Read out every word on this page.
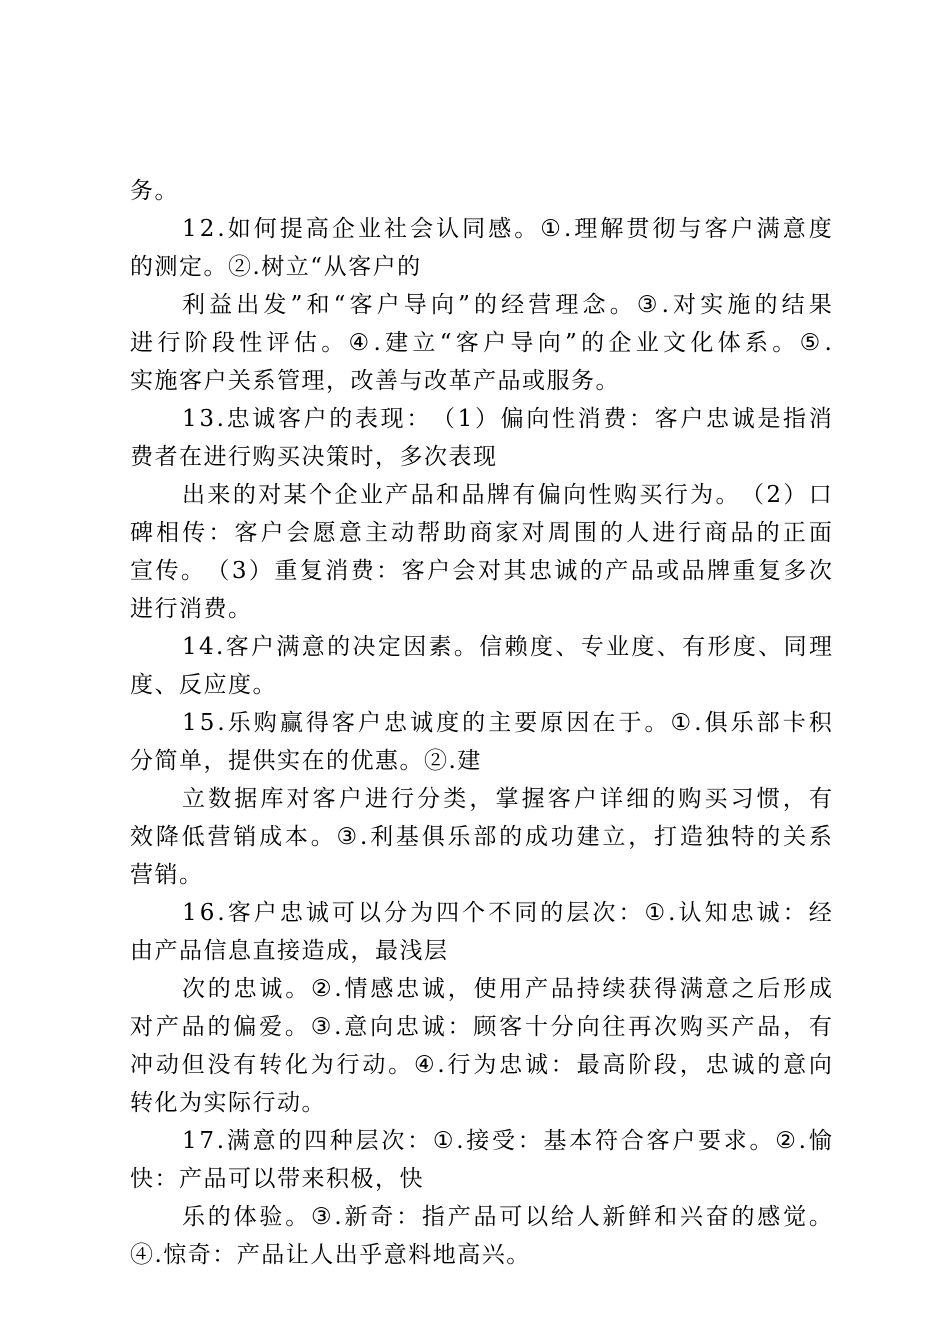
务。
1 2 . 如 何 提 高 企 业 社 会 认 同 感 。 ① . 理 解 贯 彻 与 客 户 满 意 度
的测定。②.树立“从客户的
利 益 出 发 ” 和 “ 客 户 导 向 ” 的 经 营 理 念 。 ③ . 对 实 施 的 结 果
进 行 阶 段 性 评 估 。 ④ . 建 立 “ 客 户 导 向 ” 的 企 业 文 化 体 系 。 ⑤ .
实施客户关系管理，改善与改革产品或服务。
1 3 . 忠 诚 客 户 的 表 现 ： （ 1 ） 偏 向 性 消 费 ： 客 户 忠 诚 是 指 消
费者在进行购买决策时，多次表现
出 来 的 对 某 个 企 业 产 品 和 品 牌 有 偏 向 性 购 买 行 为 。 （ 2 ） 口
碑 相 传 ： 客 户 会 愿 意 主 动 帮 助 商 家 对 周 围 的 人 进 行 商 品 的 正 面
宣 传 。 （ 3 ） 重 复 消 费 ： 客 户 会 对 其 忠 诚 的 产 品 或 品 牌 重 复 多 次
进行消费。
1 4 . 客 户 满 意 的 决 定 因 素 。 信 赖 度 、 专 业 度 、 有 形 度 、 同 理
度、反应度。
1 5 . 乐 购 赢 得 客 户 忠 诚 度 的 主 要 原 因 在 于 。 ① . 俱 乐 部 卡 积
分简单，提供实在的优惠。②.建
立 数 据 库 对 客 户 进 行 分 类 ， 掌 握 客 户 详 细 的 购 买 习 惯 ， 有
效 降 低 营 销 成 本 。 ③ . 利 基 俱 乐 部 的 成 功 建 立 ， 打 造 独 特 的 关 系
营销。
1 6 . 客 户 忠 诚 可 以 分 为 四 个 不 同 的 层 次 ： ① . 认 知 忠 诚 ： 经
由产品信息直接造成，最浅层
次 的 忠 诚 。 ② . 情 感 忠 诚 ， 使 用 产 品 持 续 获 得 满 意 之 后 形 成
对 产 品 的 偏 爱 。 ③ . 意 向 忠 诚 ： 顾 客 十 分 向 往 再 次 购 买 产 品 ， 有
冲 动 但 没 有 转 化 为 行 动 。 ④ . 行 为 忠 诚 ： 最 高 阶 段 ， 忠 诚 的 意 向
转化为实际行动。
1 7 . 满 意 的 四 种 层 次 ： ① . 接 受 ： 基 本 符 合 客 户 要 求 。 ② . 愉
快：产品可以带来积极，快
乐 的 体 验 。 ③ . 新 奇 ： 指 产 品 可 以 给 人 新 鲜 和 兴 奋 的 感 觉 。
④.惊奇：产品让人出乎意料地高兴。
